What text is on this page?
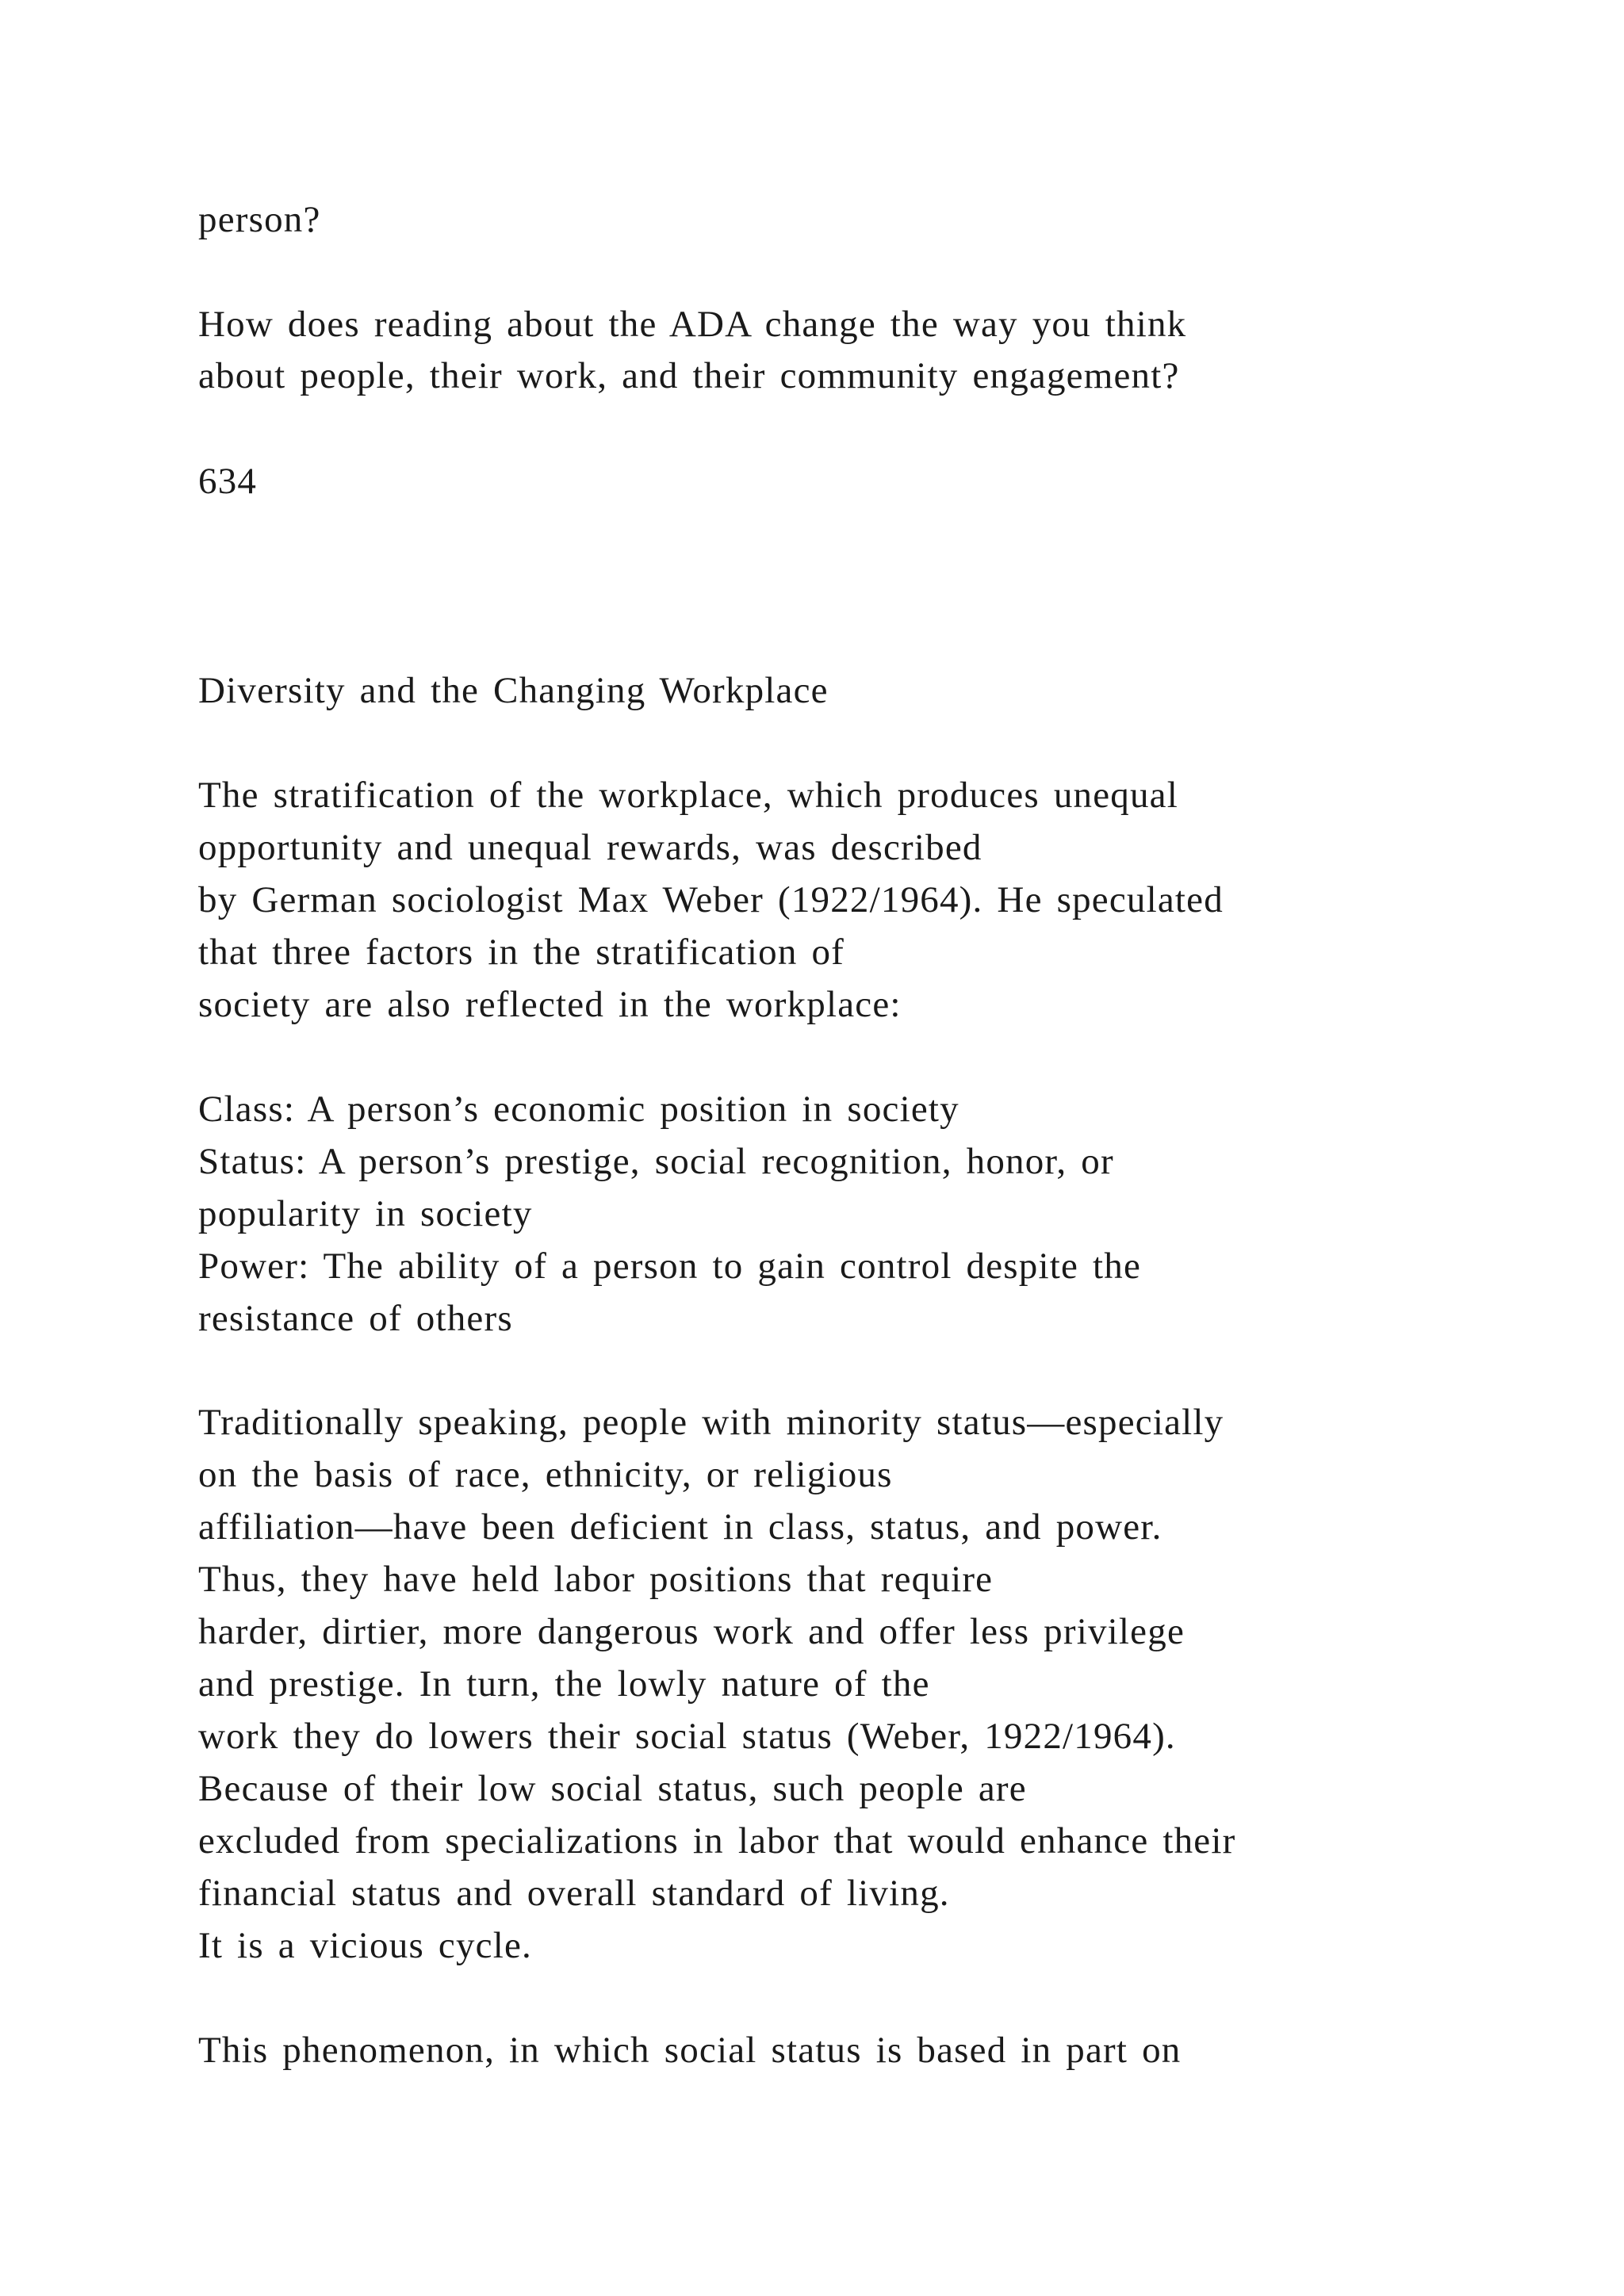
person?

How does reading about the ADA change the way you think

about people, their work, and their community engagement?

634

Diversity and the Changing Workplace

The stratification of the workplace, which produces unequal

opportunity and unequal rewards, was described

by German sociologist Max Weber (1922/1964). He speculated

that three factors in the stratification of

society are also reflected in the workplace:

Class: A person’s economic position in society

Status: A person’s prestige, social recognition, honor, or

popularity in society

Power: The ability of a person to gain control despite the

resistance of others

Traditionally speaking, people with minority status—especially

on the basis of race, ethnicity, or religious

affiliation—have been deficient in class, status, and power.

Thus, they have held labor positions that require

harder, dirtier, more dangerous work and offer less privilege

and prestige. In turn, the lowly nature of the

work they do lowers their social status (Weber, 1922/1964).

Because of their low social status, such people are

excluded from specializations in labor that would enhance their

financial status and overall standard of living.

It is a vicious cycle.

This phenomenon, in which social status is based in part on
